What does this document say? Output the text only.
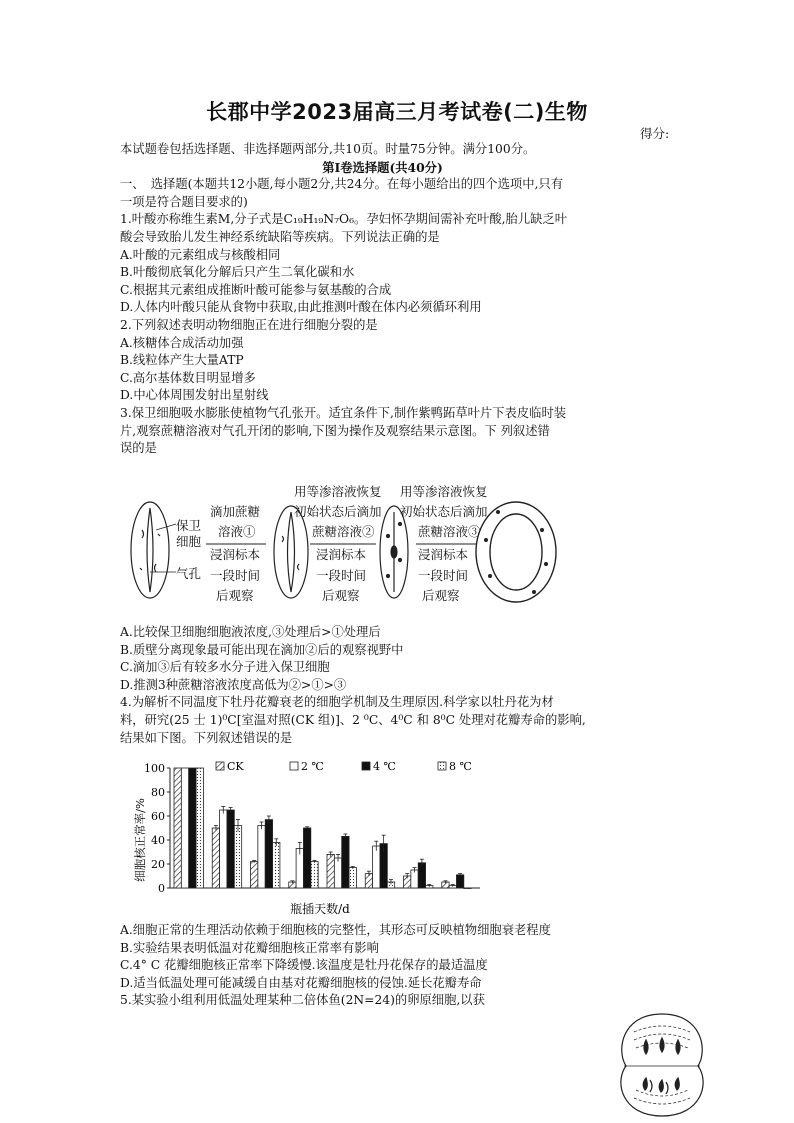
长郡中学2023届高三月考试卷(二)生物
得分:
本试题卷包括选择题、非选择题两部分,共10页。时量75分钟。满分100分。
第Ⅰ卷选择题(共40分)
一、　选择题(本题共12小题,每小题2分,共24分。在每小题给出的四个选项中,只有
一项是符合题目要求的)
1.叶酸亦称维生素M,分子式是C₁₉H₁₉N₇O₆。孕妇怀孕期间需补充叶酸,胎儿缺乏叶
酸会导致胎儿发生神经系统缺陷等疾病。下列说法正确的是
A.叶酸的元素组成与核酸相同
B.叶酸彻底氧化分解后只产生二氧化碳和水
C.根据其元素组成推断叶酸可能参与氨基酸的合成
D.人体内叶酸只能从食物中获取,由此推测叶酸在体内必须循环利用
2.下列叙述表明动物细胞正在进行细胞分裂的是
A.核糖体合成活动加强
B.线粒体产生大量ATP
C.高尔基体数目明显增多
D.中心体周围发射出星射线
3.保卫细胞吸水膨胀使植物气孔张开。适宜条件下,制作紫鸭跖草叶片下表皮临时装
片,观察蔗糖溶液对气孔开闭的影响,下图为操作及观察结果示意图。下 列叙述错
误的是
保卫
细胞
气孔
滴加蔗糖
溶液①
浸润标本
一段时间
后观察
用等渗溶液恢复
初始状态后滴加
蔗糖溶液②
浸润标本
一段时间
后观察
用等渗溶液恢复
初始状态后滴加
蔗糖溶液③
浸润标本
一段时间
后观察
A.比较保卫细胞细胞液浓度,③处理后>①处理后
B.质壁分离现象最可能出现在滴加②后的观察视野中
C.滴加③后有较多水分子进入保卫细胞
D.推测3种蔗糖溶液浓度高低为②>①>③
4.为解析不同温度下牡丹花瓣衰老的细胞学机制及生理原因.科学家以牡丹花为材
料，研究(25 士 1)⁰C[室温对照(CK 组)]、2 ⁰C、4⁰C 和 8⁰C 处理对花瓣寿命的影响,
结果如下图。下列叙述错误的是
细胞核正常率/%
瓶插天数/d
0
20
40
60
80
100	CK	2 ℃	4 ℃	8 ℃
A.细胞正常的生理活动依赖于细胞核的完整性，其形态可反映植物细胞衰老程度
B.实验结果表明低温对花瓣细胞核正常率有影响
C.4° C 花瓣细胞核正常率下降缓慢.该温度是牡丹花保存的最适温度
D.适当低温处理可能减缓自由基对花瓣细胞核的侵蚀.延长花瓣寿命
5.某实验小组利用低温处理某种二倍体鱼(2N=24)的卵原细胞,以获
